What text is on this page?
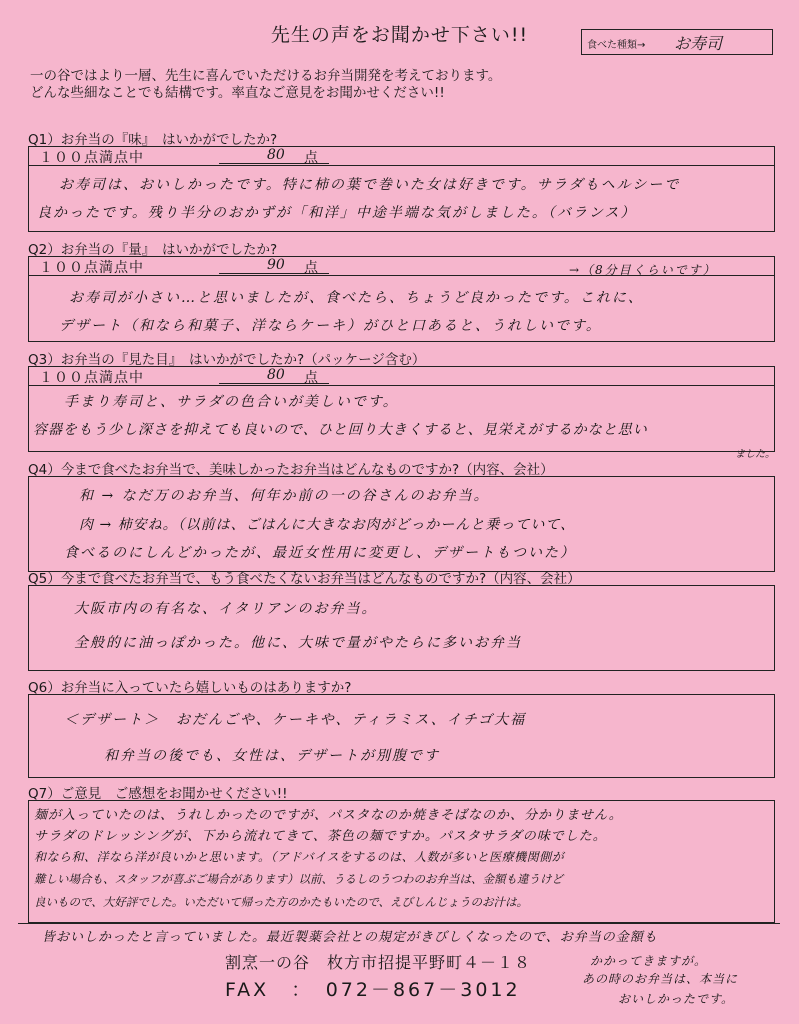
先生の声をお聞かせ下さい!!	食べた種類→ お寿司
一の谷ではより一層、先生に喜んでいただけるお弁当開発を考えております。
どんな些細なことでも結構です。率直なご意見をお聞かせください!!
Q1）お弁当の『味』　はいかがでしたか?
１００点満点中	80 点
お寿司は、おいしかったです。特に柿の葉で巻いた女は好きです。サラダもヘルシーで
良かったです。残り半分のおかずが「和洋」中途半端な気がしました。（バランス）
Q2）お弁当の『量』　はいかがでしたか?
１００点満点中	90 点	→（8分目くらいです）
お寿司が小さい…と思いましたが、食べたら、ちょうど良かったです。これに、
デザート（和なら和菓子、洋ならケーキ）がひと口あると、うれしいです。
Q3）お弁当の『見た目』　はいかがでしたか?（パッケージ含む）
１００点満点中	80 点
手まり寿司と、サラダの色合いが美しいです。
容器をもう少し深さを抑えても良いので、ひと回り大きくすると、見栄えがするかなと思い
ました。
Q4）今まで食べたお弁当で、美味しかったお弁当はどんなものですか?（内容、会社）
和 → なだ万のお弁当、何年か前の一の谷さんのお弁当。
肉 → 柿安ね。（以前は、ごはんに大きなお肉がどっかーんと乗っていて、
食べるのにしんどかったが、最近女性用に変更し、デザートもついた）
Q5）今まで食べたお弁当で、もう食べたくないお弁当はどんなものですか?（内容、会社）
大阪市内の有名な、イタリアンのお弁当。
全般的に油っぽかった。他に、大味で量がやたらに多いお弁当
Q6）お弁当に入っていたら嬉しいものはありますか?
＜デザート＞　おだんごや、ケーキや、ティラミス、イチゴ大福
和弁当の後でも、女性は、デザートが別腹です
Q7）ご意見　ご感想をお聞かせください!!
麺が入っていたのは、うれしかったのですが、パスタなのか焼きそばなのか、分かりません。
サラダのドレッシングが、下から流れてきて、茶色の麺ですか。パスタサラダの味でした。
和なら和、洋なら洋が良いかと思います。（アドバイスをするのは、人数が多いと医療機関側が
難しい場合も、スタッフが喜ぶご場合があります）以前、うるしのうつわのお弁当は、金額も違うけど
良いもので、大好評でした。いただいて帰った方のかたもいたので、えびしんじょうのお汁は。
皆おいしかったと言っていました。最近製薬会社との規定がきびしくなったので、お弁当の金額も
割烹一の谷　枚方市招提平野町４－１８
FAX　：　072－867－3012
かかってきますが。
あの時のお弁当は、本当に
おいしかったです。
